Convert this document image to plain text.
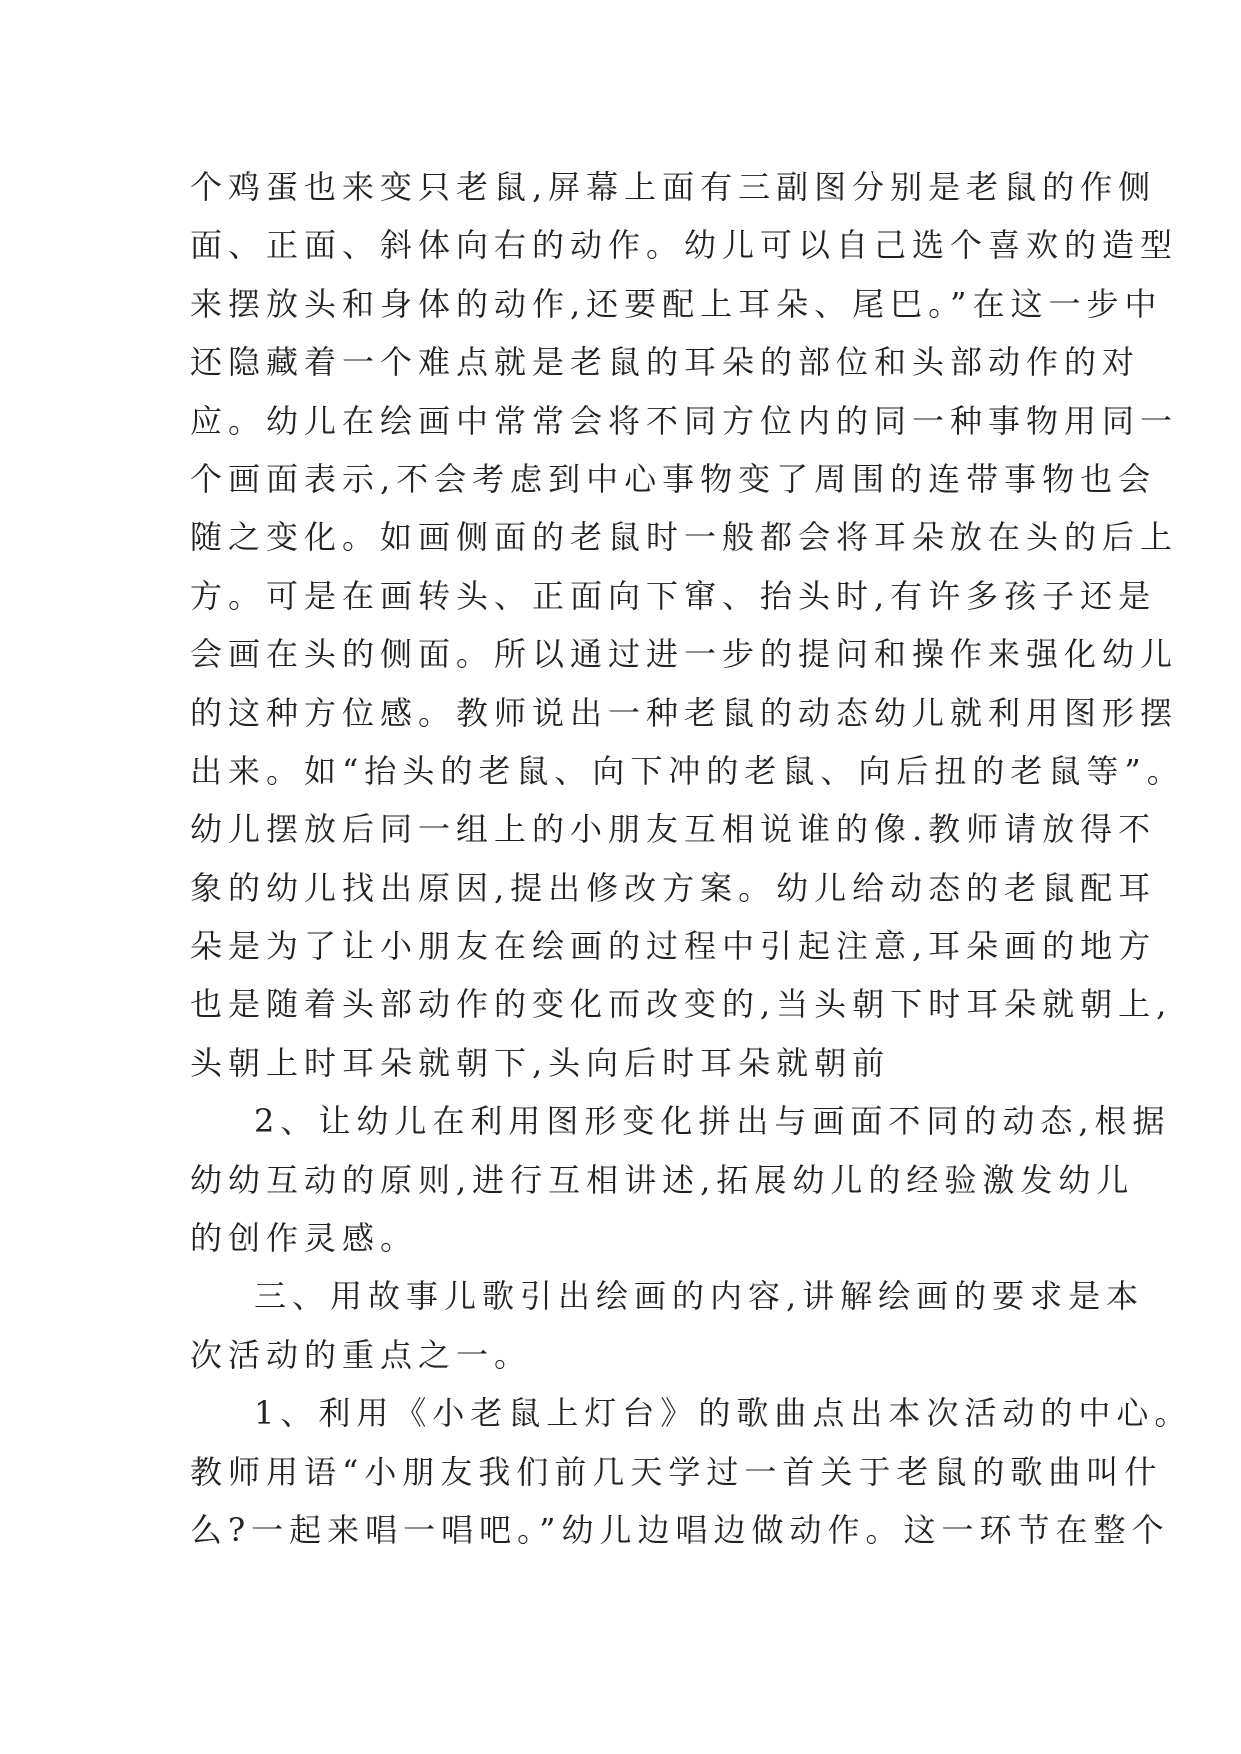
个鸡蛋也来变只老鼠,屏幕上面有三副图分别是老鼠的作侧
面、正面、斜体向右的动作。幼儿可以自己选个喜欢的造型
来摆放头和身体的动作,还要配上耳朵、尾巴。”在这一步中
还隐藏着一个难点就是老鼠的耳朵的部位和头部动作的对
应。幼儿在绘画中常常会将不同方位内的同一种事物用同一
个画面表示,不会考虑到中心事物变了周围的连带事物也会
随之变化。如画侧面的老鼠时一般都会将耳朵放在头的后上
方。可是在画转头、正面向下窜、抬头时,有许多孩子还是
会画在头的侧面。所以通过进一步的提问和操作来强化幼儿
的这种方位感。教师说出一种老鼠的动态幼儿就利用图形摆
出来。如“抬头的老鼠、向下冲的老鼠、向后扭的老鼠等”。
幼儿摆放后同一组上的小朋友互相说谁的像.教师请放得不
象的幼儿找出原因,提出修改方案。幼儿给动态的老鼠配耳
朵是为了让小朋友在绘画的过程中引起注意,耳朵画的地方
也是随着头部动作的变化而改变的,当头朝下时耳朵就朝上,
头朝上时耳朵就朝下,头向后时耳朵就朝前
2、让幼儿在利用图形变化拼出与画面不同的动态,根据
幼幼互动的原则,进行互相讲述,拓展幼儿的经验激发幼儿
的创作灵感。
三、用故事儿歌引出绘画的内容,讲解绘画的要求是本
次活动的重点之一。
1、利用《小老鼠上灯台》的歌曲点出本次活动的中心。
教师用语“小朋友我们前几天学过一首关于老鼠的歌曲叫什
么?一起来唱一唱吧。”幼儿边唱边做动作。这一环节在整个
